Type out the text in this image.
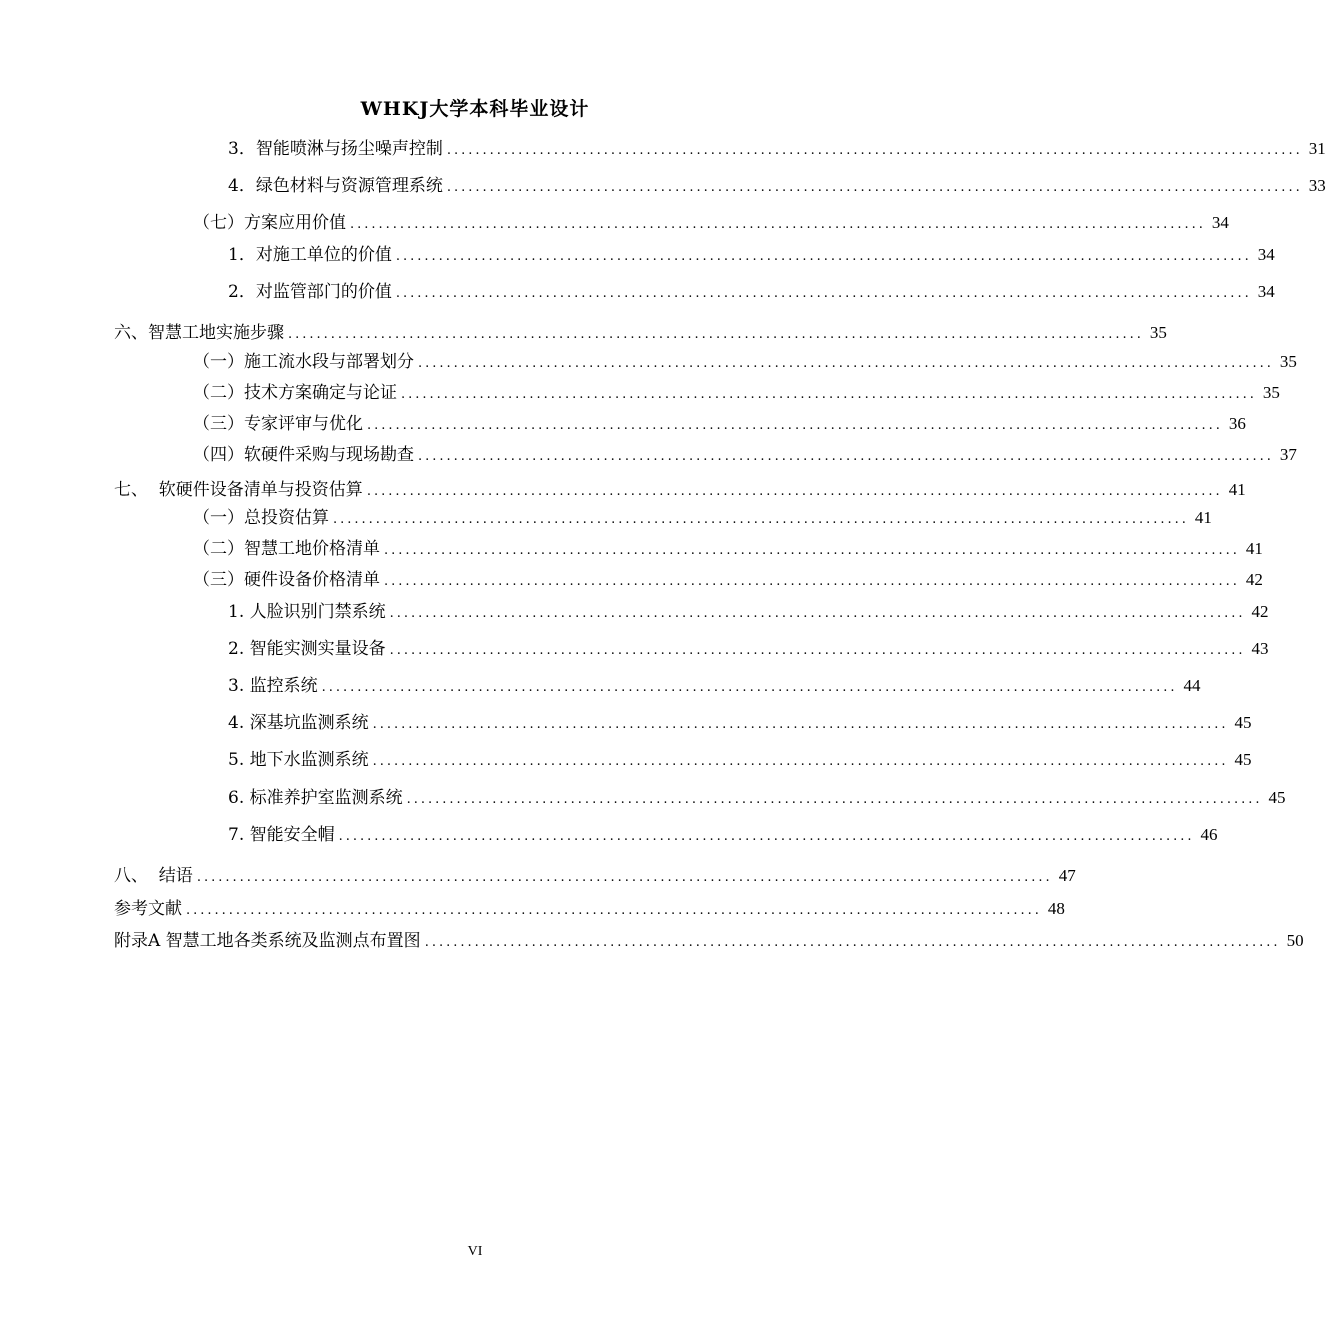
WHKJ大学本科毕业设计
3．智能喷淋与扬尘噪声控制 ........................................................................................................................ 31
4．绿色材料与资源管理系统 ........................................................................................................................ 33
（七）方案应用价值 ........................................................................................................................ 34
1．对施工单位的价值 ........................................................................................................................ 34
2．对监管部门的价值 ........................................................................................................................ 34
六、智慧工地实施步骤 ........................................................................................................................ 35
（一）施工流水段与部署划分 ........................................................................................................................ 35
（二）技术方案确定与论证 ........................................................................................................................ 35
（三）专家评审与优化 ........................................................................................................................ 36
（四）软硬件采购与现场勘查 ........................................................................................................................ 37
七、  软硬件设备清单与投资估算 ........................................................................................................................ 41
（一）总投资估算 ........................................................................................................................ 41
（二）智慧工地价格清单 ........................................................................................................................ 41
（三）硬件设备价格清单 ........................................................................................................................ 42
1. 人脸识别门禁系统 ........................................................................................................................ 42
2. 智能实测实量设备 ........................................................................................................................ 43
3. 监控系统 ........................................................................................................................ 44
4. 深基坑监测系统 ........................................................................................................................ 45
5. 地下水监测系统 ........................................................................................................................ 45
6. 标准养护室监测系统 ........................................................................................................................ 45
7. 智能安全帽 ........................................................................................................................ 46
八、  结语 ........................................................................................................................ 47
参考文献 ........................................................................................................................ 48
附录A 智慧工地各类系统及监测点布置图 ........................................................................................................................ 50
VI
